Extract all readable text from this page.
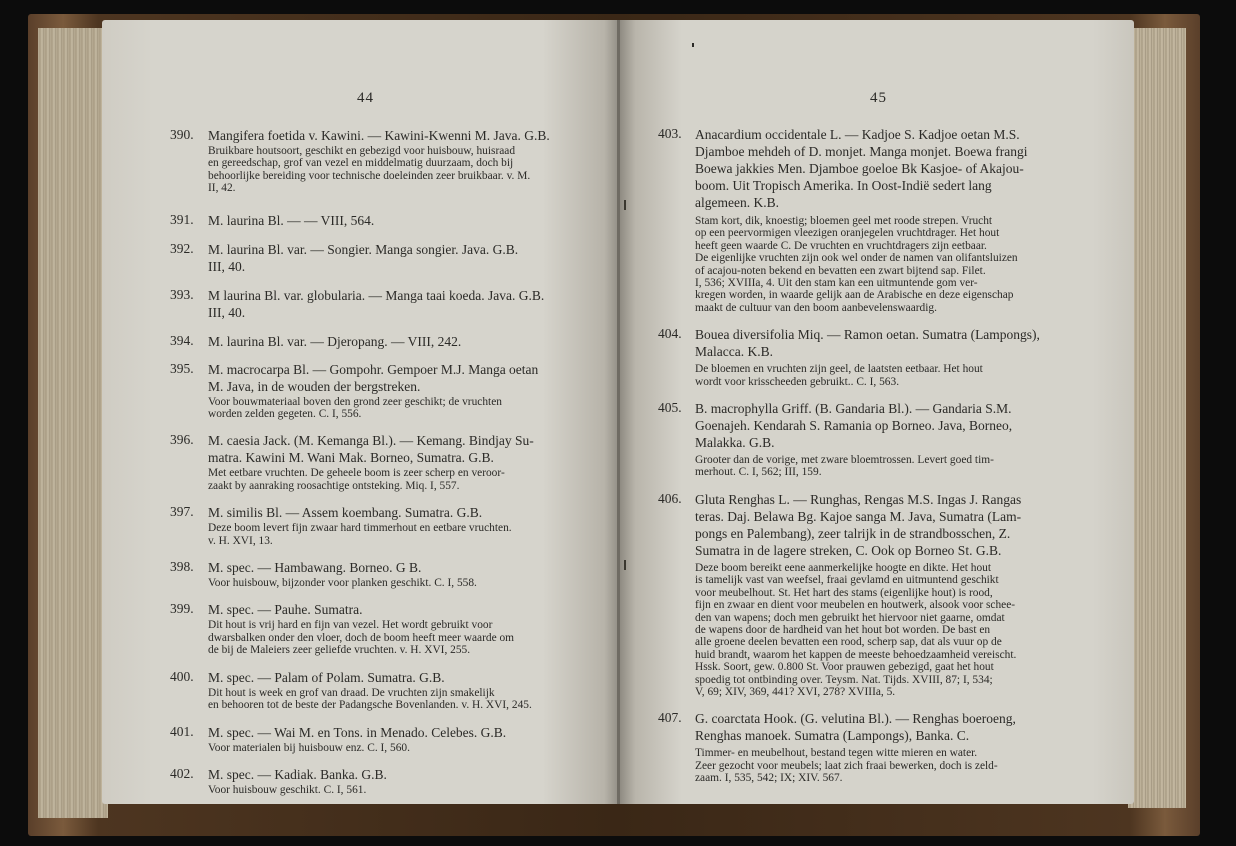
44
390. Mangifera foetida v. Kawini. — Kawini-Kwenni M. Java. G.B.
Bruikbare houtsoort, geschikt en gebezigd voor huisbouw, huisraad
en gereedschap, grof van vezel en middelmatig duurzaam, doch bij
behoorlijke bereiding voor technische doeleinden zeer bruikbaar. v. M.
II, 42.
391. M. laurina Bl. — — VIII, 564.
392. M. laurina Bl. var. — Songier. Manga songier. Java. G.B.
III, 40.
393. M laurina Bl. var. globularia. — Manga taai koeda. Java. G.B.
III, 40.
394. M. laurina Bl. var. — Djeropang. — VIII, 242.
395. M. macrocarpa Bl. — Gompohr. Gempoer M.J. Manga oetan
M. Java, in de wouden der bergstreken.
Voor bouwmateriaal boven den grond zeer geschikt; de vruchten
worden zelden gegeten. C. I, 556.
396. M. caesia Jack. (M. Kemanga Bl.). — Kemang. Bindjay Su-
matra. Kawini M. Wani Mak. Borneo, Sumatra. G.B.
Met eetbare vruchten. De geheele boom is zeer scherp en veroor-
zaakt by aanraking roosachtige ontsteking. Miq. I, 557.
397. M. similis Bl. — Assem koembang. Sumatra. G.B.
Deze boom levert fijn zwaar hard timmerhout en eetbare vruchten.
v. H. XVI, 13.
398. M. spec. — Hambawang. Borneo. G B.
Voor huisbouw, bijzonder voor planken geschikt. C. I, 558.
399. M. spec. — Pauhe. Sumatra.
Dit hout is vrij hard en fijn van vezel. Het wordt gebruikt voor
dwarsbalken onder den vloer, doch de boom heeft meer waarde om
de bij de Maleiers zeer geliefde vruchten. v. H. XVI, 255.
400. M. spec. — Palam of Polam. Sumatra. G.B.
Dit hout is week en grof van draad. De vruchten zijn smakelijk
en behooren tot de beste der Padangsche Bovenlanden. v. H. XVI, 245.
401. M. spec. — Wai M. en Tons. in Menado. Celebes. G.B.
Voor materialen bij huisbouw enz. C. I, 560.
402. M. spec. — Kadiak. Banka. G.B.
Voor huisbouw geschikt. C. I, 561.
45
403. Anacardium occidentale L. — Kadjoe S. Kadjoe oetan M.S.
Djamboe mehdeh of D. monjet. Manga monjet. Boewa frangi
Boewa jakkies Men. Djamboe goeloe Bk Kasjoe- of Akajou-
boom. Uit Tropisch Amerika. In Oost-Indië sedert lang
algemeen. K.B.
Stam kort, dik, knoestig; bloemen geel met roode strepen. Vrucht
op een peervormigen vleezigen oranjegelen vruchtdrager. Het hout
heeft geen waarde C. De vruchten en vruchtdragers zijn eetbaar.
De eigenlijke vruchten zijn ook wel onder de namen van olifantsluizen
of acajou-noten bekend en bevatten een zwart bijtend sap. Filet.
I, 536; XVIIIa, 4. Uit den stam kan een uitmuntende gom ver-
kregen worden, in waarde gelijk aan de Arabische en deze eigenschap
maakt de cultuur van den boom aanbevelenswaardig.
404. Bouea diversifolia Miq. — Ramon oetan. Sumatra (Lampongs),
Malacca. K.B.
De bloemen en vruchten zijn geel, de laatsten eetbaar. Het hout
wordt voor krisscheeden gebruikt.. C. I, 563.
405. B. macrophylla Griff. (B. Gandaria Bl.). — Gandaria S.M.
Goenajeh. Kendarah S. Ramania op Borneo. Java, Borneo,
Malakka. G.B.
Grooter dan de vorige, met zware bloemtrossen. Levert goed tim-
merhout. C. I, 562; III, 159.
406. Gluta Renghas L. — Runghas, Rengas M.S. Ingas J. Rangas
teras. Daj. Belawa Bg. Kajoe sanga M. Java, Sumatra (Lam-
pongs en Palembang), zeer talrijk in de strandbosschen, Z.
Sumatra in de lagere streken, C. Ook op Borneo St. G.B.
Deze boom bereikt eene aanmerkelijke hoogte en dikte. Het hout
is tamelijk vast van weefsel, fraai gevlamd en uitmuntend geschikt
voor meubelhout. St. Het hart des stams (eigenlijke hout) is rood,
fijn en zwaar en dient voor meubelen en houtwerk, alsook voor schee-
den van wapens; doch men gebruikt het hiervoor niet gaarne, omdat
de wapens door de hardheid van het hout bot worden. De bast en
alle groene deelen bevatten een rood, scherp sap, dat als vuur op de
huid brandt, waarom het kappen de meeste behoedzaamheid vereischt.
Hssk. Soort, gew. 0.800 St. Voor prauwen gebezigd, gaat het hout
spoedig tot ontbinding over. Teysm. Nat. Tijds. XVIII, 87; I, 534;
V, 69; XIV, 369, 441? XVI, 278? XVIIIa, 5.
407. G. coarctata Hook. (G. velutina Bl.). — Renghas boeroeng,
Renghas manoek. Sumatra (Lampongs), Banka. C.
Timmer- en meubelhout, bestand tegen witte mieren en water.
Zeer gezocht voor meubels; laat zich fraai bewerken, doch is zeld-
zaam. I, 535, 542; IX; XIV. 567.
